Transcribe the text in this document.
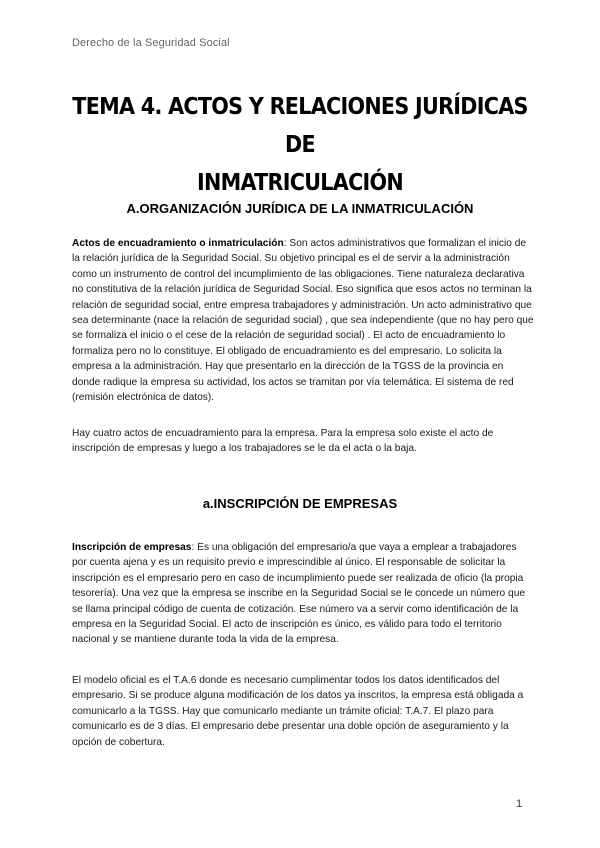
Derecho de la Seguridad Social
TEMA 4. ACTOS Y RELACIONES JURÍDICAS DE
INMATRICULACIÓN
A.ORGANIZACIÓN JURÍDICA DE LA INMATRICULACIÓN

Actos de encuadramiento o inmatriculación: Son actos administrativos que formalizan el inicio de la relación jurídica de la Seguridad Social. Su objetivo principal es el de servir a la administración como un instrumento de control del incumplimiento de las obligaciones. Tiene naturaleza declarativa no constitutiva de la relación jurídica de Seguridad Social. Eso significa que esos actos no terminan la relación de seguridad social, entre empresa trabajadores y administración. Un acto administrativo que sea determinante (nace la relación de seguridad social) , que sea independiente (que no hay pero que se formaliza el inicio o el cese de la relación de seguridad social) . El acto de encuadramiento lo formaliza pero no lo constituye. El obligado de encuadramiento es del empresario. Lo solicita la empresa a la administración. Hay que presentarlo en la dirección de la TGSS de la provincia en donde radique la empresa su actividad, los actos se tramitan por vía telemática. El sistema de red (remisión electrónica de datos).

Hay cuatro actos de encuadramiento para la empresa. Para la empresa solo existe el acto de inscripción de empresas y luego a los trabajadores se le da el acta o la baja.

a.INSCRIPCIÓN DE EMPRESAS

Inscripción de empresas: Es una obligación del empresario/a que vaya a emplear a trabajadores por cuenta ajena y es un requisito previo e imprescindible al único. El responsable de solicitar la inscripción es el empresario pero en caso de incumplimiento puede ser realizada de oficio (la propia tesorería). Una vez que la empresa se inscribe en la Seguridad Social se le concede un número que se llama principal código de cuenta de cotización. Ese número va a servir como identificación de la empresa en la Seguridad Social. El acto de inscripción es único, es válido para todo el territorio nacional y se mantiene durante toda la vida de la empresa.

El modelo oficial es el T.A.6 donde es necesario cumplimentar todos los datos identificados del empresario. Si se produce alguna modificación de los datos ya inscritos, la empresa está obligada a comunicarlo a la TGSS. Hay que comunicarlo mediante un trámite oficial: T.A.7. El plazo para comunicarlo es de 3 días. El empresario debe presentar una doble opción de aseguramiento y la opción de cobertura.

1
